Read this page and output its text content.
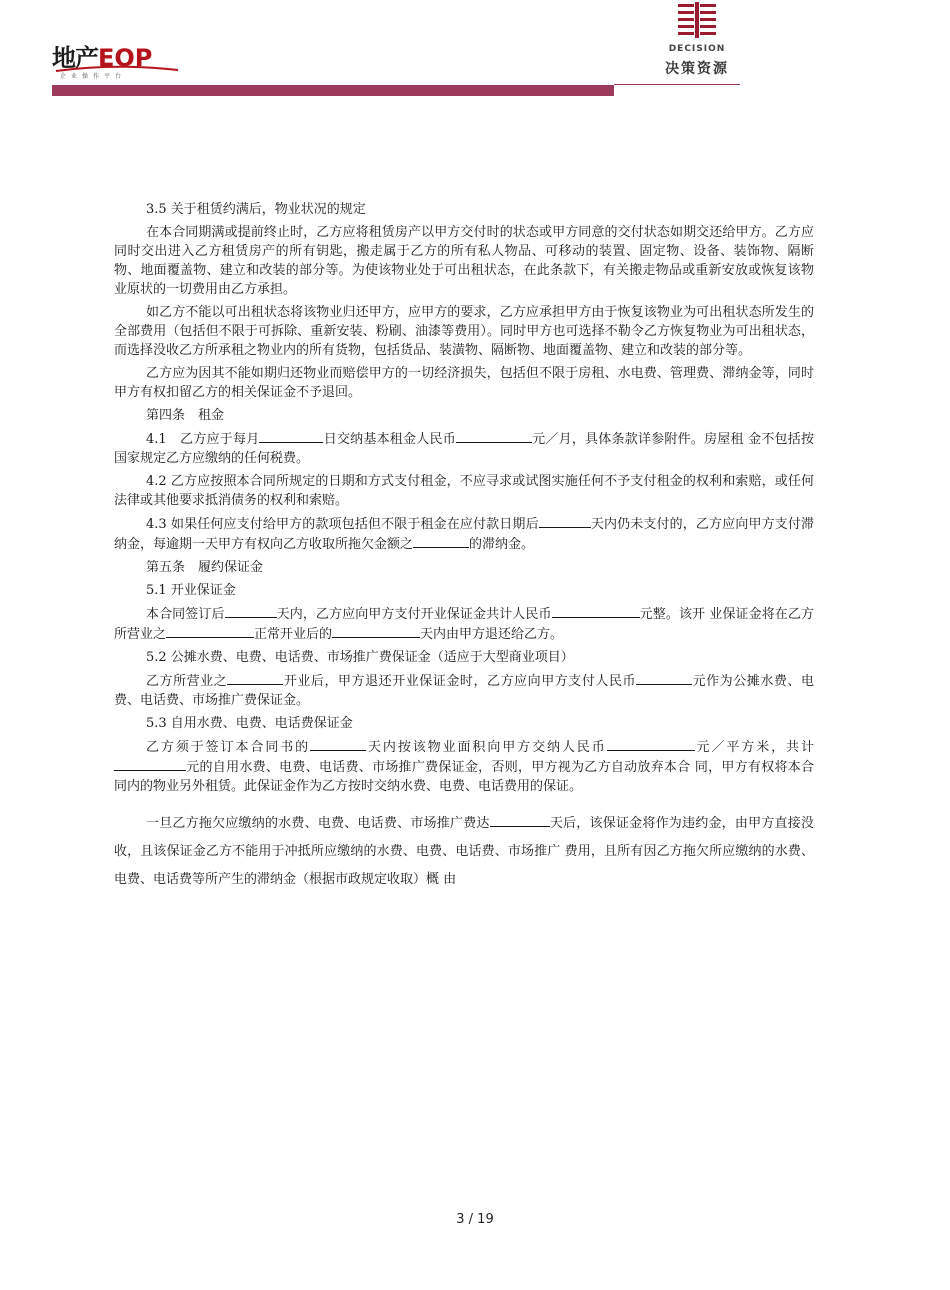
地产EOP
企业操作平台
DECISION
决策资源

3.5 关于租赁约满后，物业状况的规定

在本合同期满或提前终止时，乙方应将租赁房产以甲方交付时的状态或甲方同意的交付状态如期交还给甲方。乙方应同时交出进入乙方租赁房产的所有钥匙，搬走属于乙方的所有私人物品、可移动的装置、固定物、设备、装饰物、隔断物、地面覆盖物、建立和改装的部分等。为使该物业处于可出租状态，在此条款下，有关搬走物品或重新安放或恢复该物业原状的一切费用由乙方承担。

如乙方不能以可出租状态将该物业归还甲方，应甲方的要求，乙方应承担甲方由于恢复该物业为可出租状态所发生的全部费用（包括但不限于可拆除、重新安装、粉刷、油漆等费用）。同时甲方也可选择不勒令乙方恢复物业为可出租状态，而选择没收乙方所承租之物业内的所有货物，包括货品、装潢物、隔断物、地面覆盖物、建立和改装的部分等。

乙方应为因其不能如期归还物业而赔偿甲方的一切经济损失，包括但不限于房租、水电费、管理费、滞纳金等，同时甲方有权扣留乙方的相关保证金不予退回。

第四条　租金

4.1　乙方应于每月	日交纳基本租金人民币	元／月，具体条款详参附件。房屋租 金不包括按国家规定乙方应缴纳的任何税费。

4.2 乙方应按照本合同所规定的日期和方式支付租金，不应寻求或试图实施任何不予支付租金的权利和索赔，或任何法律或其他要求抵消债务的权利和索赔。

4.3 如果任何应支付给甲方的款项包括但不限于租金在应付款日期后	天内仍未支付的，乙方应向甲方支付滞纳金，每逾期一天甲方有权向乙方收取所拖欠金额之	的滞纳金。

第五条　履约保证金

5.1 开业保证金

本合同签订后	天内，乙方应向甲方支付开业保证金共计人民币	元整。该开 业保证金将在乙方所营业之	正常开业后的	天内由甲方退还给乙方。

5.2 公摊水费、电费、电话费、市场推广费保证金（适应于大型商业项目）

乙方所营业之	开业后，甲方退还开业保证金时，乙方应向甲方支付人民币	元作为公摊水费、电费、电话费、市场推广费保证金。

5.3 自用水费、电费、电话费保证金

乙方须于签订本合同书的	天内按该物业面积向甲方交纳人民币	元／平方米，共计元的自用水费、电费、电话费、市场推广费保证金，否则，甲方视为乙方自动放弃本合 同，甲方有权将本合同内的物业另外租赁。此保证金作为乙方按时交纳水费、电费、电话费用的保证。

一旦乙方拖欠应缴纳的水费、电费、电话费、市场推广费达	天后，该保证金将作为违约金，由甲方直接没收，且该保证金乙方不能用于冲抵所应缴纳的水费、电费、电话费、市场推广 费用，且所有因乙方拖欠所应缴纳的水费、电费、电话费等所产生的滞纳金（根据市政规定收取）概 由

3 / 19
